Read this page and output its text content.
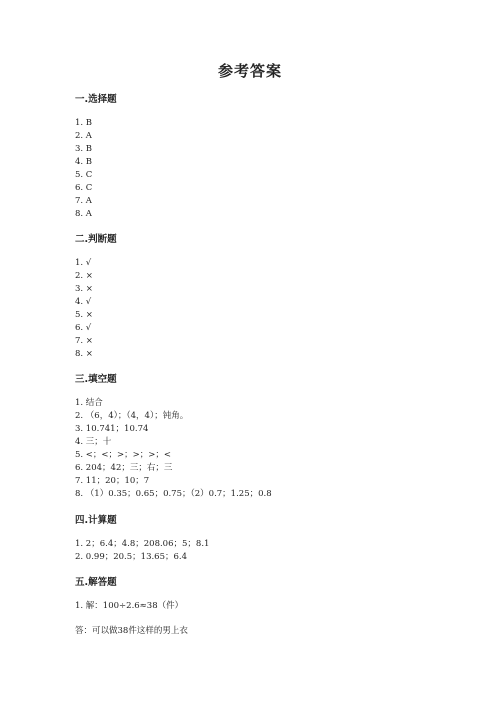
参考答案
一.选择题
1. B
2. A
3. B
4. B
5. C
6. C
7. A
8. A
二.判断题
1. √
2. ×
3. ×
4. √
5. ×
6. √
7. ×
8. ×
三.填空题
1. 结合
2. （6，4）；（4，4）；钝角。
3. 10.741；10.74
4. 三；十
5. <；<；>；>；>；<
6. 204；42；三；右；三
7. 11；20；10；7
8. （1）0.35；0.65；0.75；（2）0.7；1.25；0.8
四.计算题
1. 2；6.4；4.8；208.06；5；8.1
2. 0.99；20.5；13.65；6.4
五.解答题
1. 解：100÷2.6≈38（件）
答：可以做38件这样的男上衣
